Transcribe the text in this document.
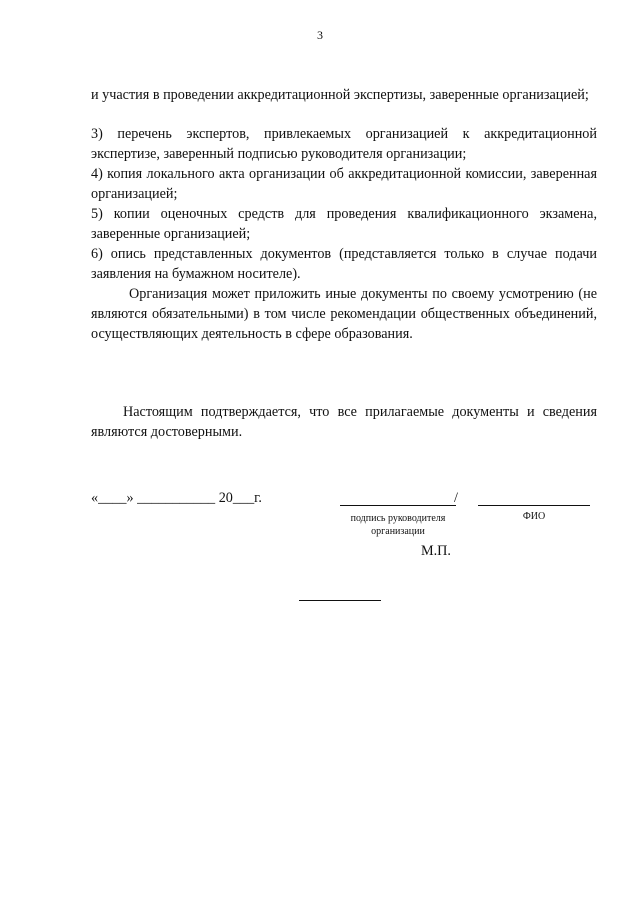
3
и участия в проведении аккредитационной экспертизы, заверенные организацией;
3) перечень экспертов, привлекаемых организацией к аккредитационной экспертизе, заверенный подписью руководителя организации;
4) копия локального акта организации об аккредитационной комиссии, заверенная организацией;
5) копии оценочных средств для проведения квалификационного экзамена, заверенные организацией;
6) опись представленных документов (представляется только в случае подачи заявления на бумажном носителе).
Организация может приложить иные документы по своему усмотрению (не являются обязательными) в том числе рекомендации общественных объединений, осуществляющих деятельность в сфере образования.
Настоящим подтверждается, что все прилагаемые документы и сведения являются достоверными.
«____» ___________ 20___г.	/
подпись руководителя организации
ФИО
М.П.
